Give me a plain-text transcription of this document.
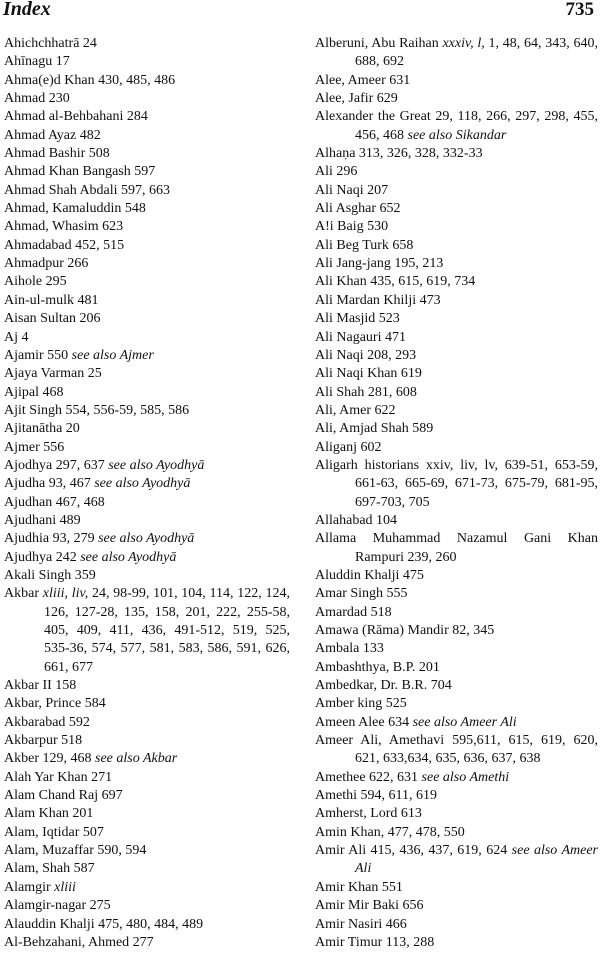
Index	735
Ahichchhatrā 24
Ahīnagu 17
Ahma(e)d Khan 430, 485, 486
Ahmad 230
Ahmad al-Behbahani 284
Ahmad Ayaz 482
Ahmad Bashir 508
Ahmad Khan Bangash 597
Ahmad Shah Abdali 597, 663
Ahmad, Kamaluddin 548
Ahmad, Whasim 623
Ahmadabad 452, 515
Ahmadpur 266
Aihole 295
Ain-ul-mulk 481
Aisan Sultan 206
Aj 4
Ajamir 550 see also Ajmer
Ajaya Varman 25
Ajipal 468
Ajit Singh 554, 556-59, 585, 586
Ajitanātha 20
Ajmer 556
Ajodhya 297, 637 see also Ayodhyā
Ajudha 93, 467 see also Ayodhyā
Ajudhan 467, 468
Ajudhani 489
Ajudhia 93, 279 see also Ayodhyā
Ajudhya 242 see also Ayodhyā
Akali Singh 359
Akbar xliii, liv, 24, 98-99, 101, 104, 114, 122, 124, 126, 127-28, 135, 158, 201, 222, 255-58, 405, 409, 411, 436, 491-512, 519, 525, 535-36, 574, 577, 581, 583, 586, 591, 626, 661, 677
Akbar II 158
Akbar, Prince 584
Akbarabad 592
Akbarpur 518
Akber 129, 468 see also Akbar
Alah Yar Khan 271
Alam Chand Raj 697
Alam Khan 201
Alam, Iqtidar 507
Alam, Muzaffar 590, 594
Alam, Shah 587
Alamgir xliii
Alamgir-nagar 275
Alauddin Khalji 475, 480, 484, 489
Al-Behzahani, Ahmed 277
Alberuni, Abu Raihan xxxiv, l, 1, 48, 64, 343, 640, 688, 692
Alee, Ameer 631
Alee, Jafir 629
Alexander the Great 29, 118, 266, 297, 298, 455, 456, 468 see also Sikandar
Alhaṇa 313, 326, 328, 332-33
Ali 296
Ali Naqi 207
Ali Asghar 652
A!i Baig 530
Ali Beg Turk 658
Ali Jang-jang 195, 213
Ali Khan 435, 615, 619, 734
Ali Mardan Khilji 473
Ali Masjid 523
Ali Nagauri 471
Ali Naqi 208, 293
Ali Naqi Khan 619
Ali Shah 281, 608
Ali, Amer 622
Ali, Amjad Shah 589
Aliganj 602
Aligarh historians xxiv, liv, lv, 639-51, 653-59, 661-63, 665-69, 671-73, 675-79, 681-95, 697-703, 705
Allahabad 104
Allama Muhammad Nazamul Gani Khan Rampuri 239, 260
Aluddin Khalji 475
Amar Singh 555
Amardad 518
Amawa (Rāma) Mandir 82, 345
Ambala 133
Ambashthya, B.P. 201
Ambedkar, Dr. B.R. 704
Amber king 525
Ameen Alee 634 see also Ameer Ali
Ameer Ali, Amethavi 595,611, 615, 619, 620, 621, 633,634, 635, 636, 637, 638
Amethee 622, 631 see also Amethi
Amethi 594, 611, 619
Amherst, Lord 613
Amin Khan, 477, 478, 550
Amir Ali 415, 436, 437, 619, 624 see also Ameer Ali
Amir Khan 551
Amir Mir Baki 656
Amir Nasiri 466
Amir Timur 113, 288
